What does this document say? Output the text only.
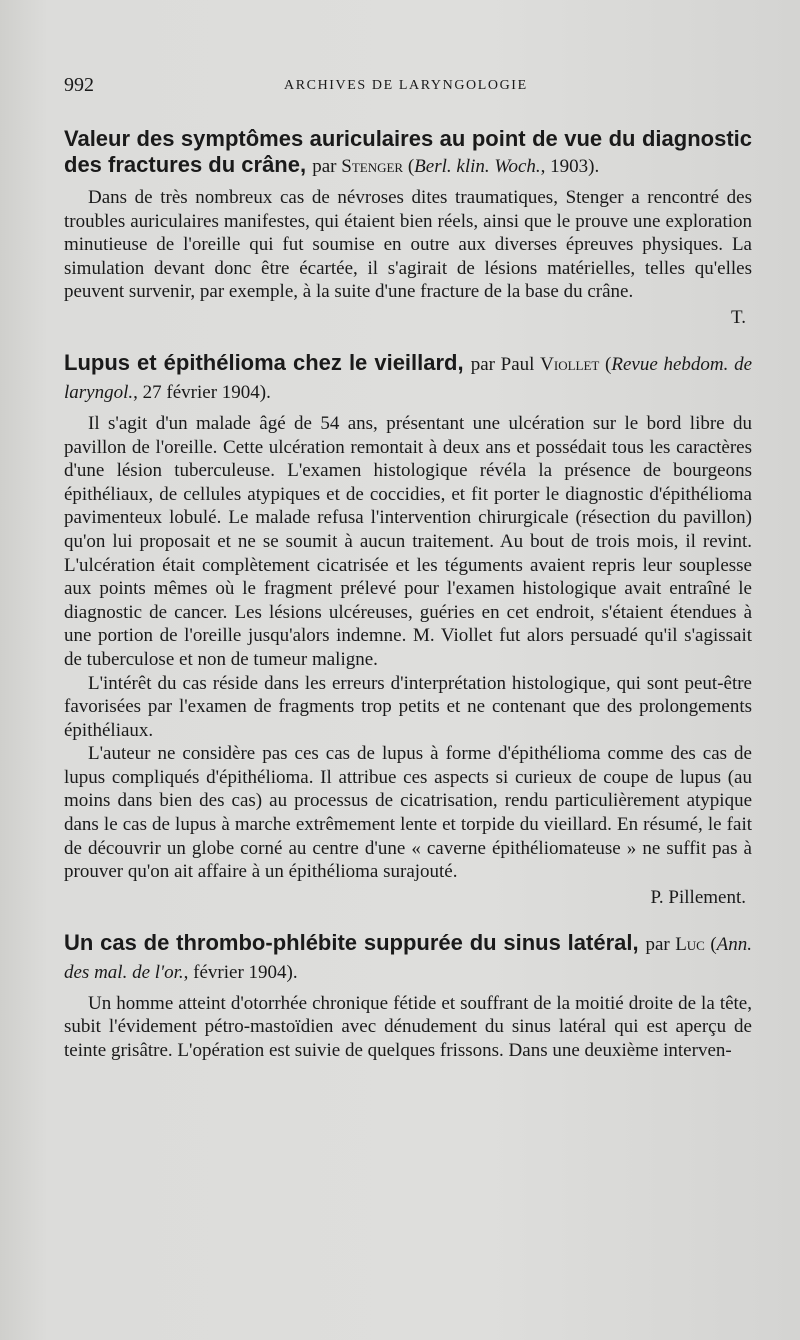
992	ARCHIVES DE LARYNGOLOGIE

Valeur des symptômes auriculaires au point de vue du diagnostic des fractures du crâne, par Stenger (Berl. klin. Woch., 1903).

Dans de très nombreux cas de névroses dites traumatiques, Stenger a rencontré des troubles auriculaires manifestes, qui étaient bien réels, ainsi que le prouve une exploration minutieuse de l'oreille qui fut soumise en outre aux diverses épreuves physiques. La simulation devant donc être écartée, il s'agirait de lésions matérielles, telles qu'elles peuvent survenir, par exemple, à la suite d'une fracture de la base du crâne.

T.

Lupus et épithélioma chez le vieillard, par Paul Viollet (Revue hebdom. de laryngol., 27 février 1904).

Il s'agit d'un malade âgé de 54 ans, présentant une ulcération sur le bord libre du pavillon de l'oreille. Cette ulcération remontait à deux ans et possédait tous les caractères d'une lésion tuberculeuse. L'examen histologique révéla la présence de bourgeons épithéliaux, de cellules atypiques et de coccidies, et fit porter le diagnostic d'épithélioma pavimenteux lobulé. Le malade refusa l'intervention chirurgicale (résection du pavillon) qu'on lui proposait et ne se soumit à aucun traitement. Au bout de trois mois, il revint. L'ulcération était complètement cicatrisée et les téguments avaient repris leur souplesse aux points mêmes où le fragment prélevé pour l'examen histologique avait entraîné le diagnostic de cancer. Les lésions ulcéreuses, guéries en cet endroit, s'étaient étendues à une portion de l'oreille jusqu'alors indemne. M. Viollet fut alors persuadé qu'il s'agissait de tuberculose et non de tumeur maligne.

L'intérêt du cas réside dans les erreurs d'interprétation histologique, qui sont peut-être favorisées par l'examen de fragments trop petits et ne contenant que des prolongements épithéliaux.

L'auteur ne considère pas ces cas de lupus à forme d'épithélioma comme des cas de lupus compliqués d'épithélioma. Il attribue ces aspects si curieux de coupe de lupus (au moins dans bien des cas) au processus de cicatrisation, rendu particulièrement atypique dans le cas de lupus à marche extrêmement lente et torpide du vieillard. En résumé, le fait de découvrir un globe corné au centre d'une « caverne épithéliomateuse » ne suffit pas à prouver qu'on ait affaire à un épithélioma surajouté.

P. Pillement.

Un cas de thrombo-phlébite suppurée du sinus latéral, par Luc (Ann. des mal. de l'or., février 1904).

Un homme atteint d'otorrhée chronique fétide et souffrant de la moitié droite de la tête, subit l'évidement pétro-mastoïdien avec dénudement du sinus latéral qui est aperçu de teinte grisâtre. L'opération est suivie de quelques frissons. Dans une deuxième interven-
